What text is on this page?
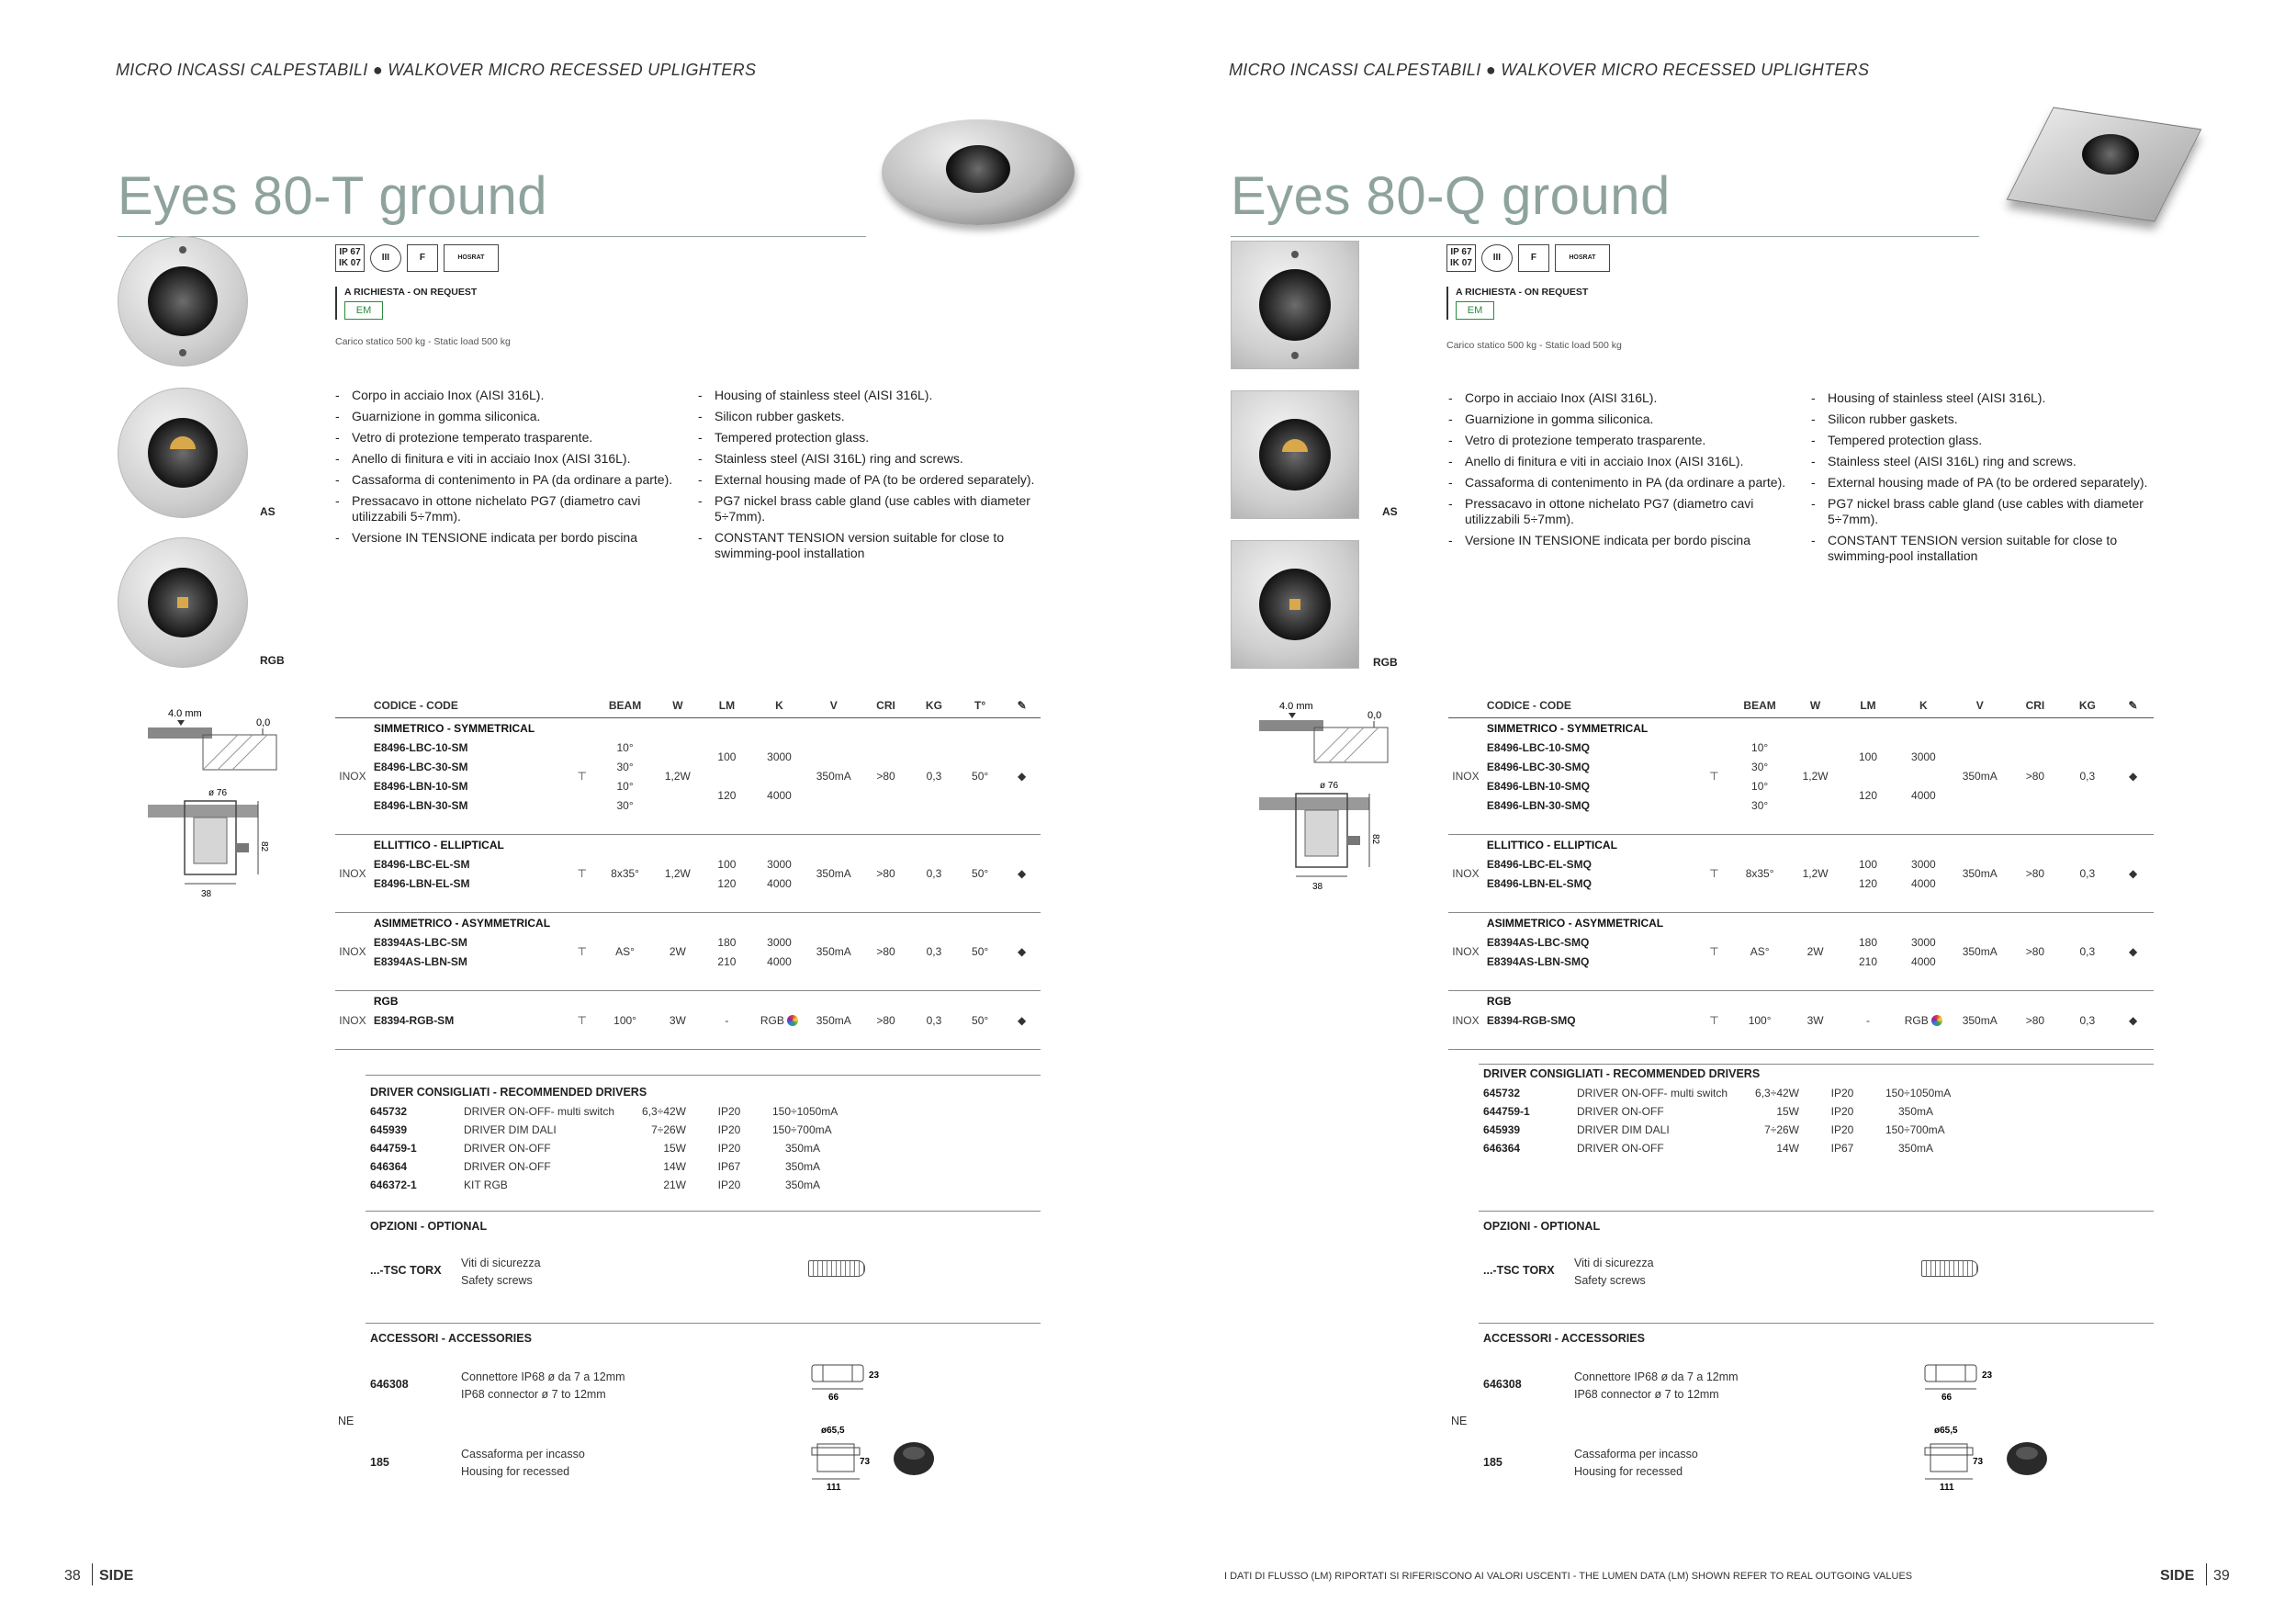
MICRO INCASSI CALPESTABILI ● WALKOVER MICRO RECESSED UPLIGHTERS	MICRO INCASSI CALPESTABILI ● WALKOVER MICRO RECESSED UPLIGHTERS
Eyes 80-T ground
AS
RGB
IP 67
IK 07
III	F	HOSRAT
A RICHIESTA - ON REQUEST
EM
Carico statico 500 kg - Static load 500 kg
- Corpo in acciaio Inox (AISI 316L).
- Guarnizione in gomma siliconica.
- Vetro di protezione temperato trasparente.
- Anello di finitura e viti in acciaio Inox (AISI 316L).
- Cassaforma di contenimento in PA (da ordinare a parte).
- Pressacavo in ottone nichelato PG7 (diametro cavi utilizzabili 5÷7mm).
- Versione IN TENSIONE indicata per bordo piscina
- Housing of stainless steel (AISI 316L).
- Silicon rubber gaskets.
- Tempered protection glass.
- Stainless steel (AISI 316L) ring and screws.
- External housing made of PA (to be ordered separately).
- PG7 nickel brass cable gland (use cables with diameter 5÷7mm).
- CONSTANT TENSION version suitable for close to swimming-pool installation
4.0 mm
0,0
ø 76
82
38
	CODICE - CODE		BEAM	W	LM	K	V	CRI	KG	T°	✎
	SIMMETRICO - SYMMETRICAL										
INOX	E8496-LBC-10-SM	⊤	10°	1,2W	100	3000	350mA	>80	0,3	50°	◆
	E8496-LBC-30-SM		30°								
	E8496-LBN-10-SM		10°		120	4000					
	E8496-LBN-30-SM		30°								

	ELLITTICO - ELLIPTICAL										
INOX	E8496-LBC-EL-SM	⊤	8x35°	1,2W	100	3000	350mA	>80	0,3	50°	◆
	E8496-LBN-EL-SM				120	4000					

	ASIMMETRICO - ASYMMETRICAL										
INOX	E8394AS-LBC-SM	⊤	AS°	2W	180	3000	350mA	>80	0,3	50°	◆
	E8394AS-LBN-SM				210	4000					

	RGB										
INOX	E8394-RGB-SM	⊤	100°	3W	-	RGB	350mA	>80	0,3	50°	◆

DRIVER CONSIGLIATI - RECOMMENDED DRIVERS
645732	DRIVER ON-OFF- multi switch	6,3÷42W	IP20	150÷1050mA
645939	DRIVER DIM DALI	7÷26W	IP20	150÷700mA
644759-1	DRIVER ON-OFF	15W	IP20	350mA
646364	DRIVER ON-OFF	14W	IP67	350mA
646372-1	KIT RGB	21W	IP20	350mA
OPZIONI - OPTIONAL
...-TSC TORX
Viti di sicurezza
Safety screws
ACCESSORI - ACCESSORIES
646308
Connettore IP68 ø da 7 a 12mm
IP68 connector ø 7 to 12mm
23
66
NE
185
Cassaforma per incasso
Housing for recessed
ø65,5
73
111
Eyes 80-Q ground
AS
RGB
IP 67
IK 07
III	F	HOSRAT
A RICHIESTA - ON REQUEST
EM
Carico statico 500 kg - Static load 500 kg
- Corpo in acciaio Inox (AISI 316L).
- Guarnizione in gomma siliconica.
- Vetro di protezione temperato trasparente.
- Anello di finitura e viti in acciaio Inox (AISI 316L).
- Cassaforma di contenimento in PA (da ordinare a parte).
- Pressacavo in ottone nichelato PG7 (diametro cavi utilizzabili 5÷7mm).
- Versione IN TENSIONE indicata per bordo piscina
- Housing of stainless steel (AISI 316L).
- Silicon rubber gaskets.
- Tempered protection glass.
- Stainless steel (AISI 316L) ring and screws.
- External housing made of PA (to be ordered separately).
- PG7 nickel brass cable gland (use cables with diameter 5÷7mm).
- CONSTANT TENSION version suitable for close to swimming-pool installation
4.0 mm
0,0
ø 76
82
38
	CODICE - CODE		BEAM	W	LM	K	V	CRI	KG	✎
	SIMMETRICO - SYMMETRICAL									
INOX	E8496-LBC-10-SMQ	⊤	10°	1,2W	100	3000	350mA	>80	0,3	◆
	E8496-LBC-30-SMQ		30°							
	E8496-LBN-10-SMQ		10°		120	4000				
	E8496-LBN-30-SMQ		30°							

	ELLITTICO - ELLIPTICAL									
INOX	E8496-LBC-EL-SMQ	⊤	8x35°	1,2W	100	3000	350mA	>80	0,3	◆
	E8496-LBN-EL-SMQ				120	4000				

	ASIMMETRICO - ASYMMETRICAL									
INOX	E8394AS-LBC-SMQ	⊤	AS°	2W	180	3000	350mA	>80	0,3	◆
	E8394AS-LBN-SMQ				210	4000				

	RGB									
INOX	E8394-RGB-SMQ	⊤	100°	3W	-	RGB	350mA	>80	0,3	◆

DRIVER CONSIGLIATI - RECOMMENDED DRIVERS
645732	DRIVER ON-OFF- multi switch	6,3÷42W	IP20	150÷1050mA
644759-1	DRIVER ON-OFF	15W	IP20	350mA
645939	DRIVER DIM DALI	7÷26W	IP20	150÷700mA
646364	DRIVER ON-OFF	14W	IP67	350mA
OPZIONI - OPTIONAL
...-TSC TORX
Viti di sicurezza
Safety screws
ACCESSORI - ACCESSORIES
646308
Connettore IP68 ø da 7 a 12mm
IP68 connector ø 7 to 12mm
23
66
NE
185
Cassaforma per incasso
Housing for recessed
ø65,5
73
111
38 SIDE	I DATI DI FLUSSO (LM) RIPORTATI SI RIFERISCONO AI VALORI USCENTI - THE LUMEN DATA (LM) SHOWN REFER TO REAL OUTGOING VALUES	SIDE 39
